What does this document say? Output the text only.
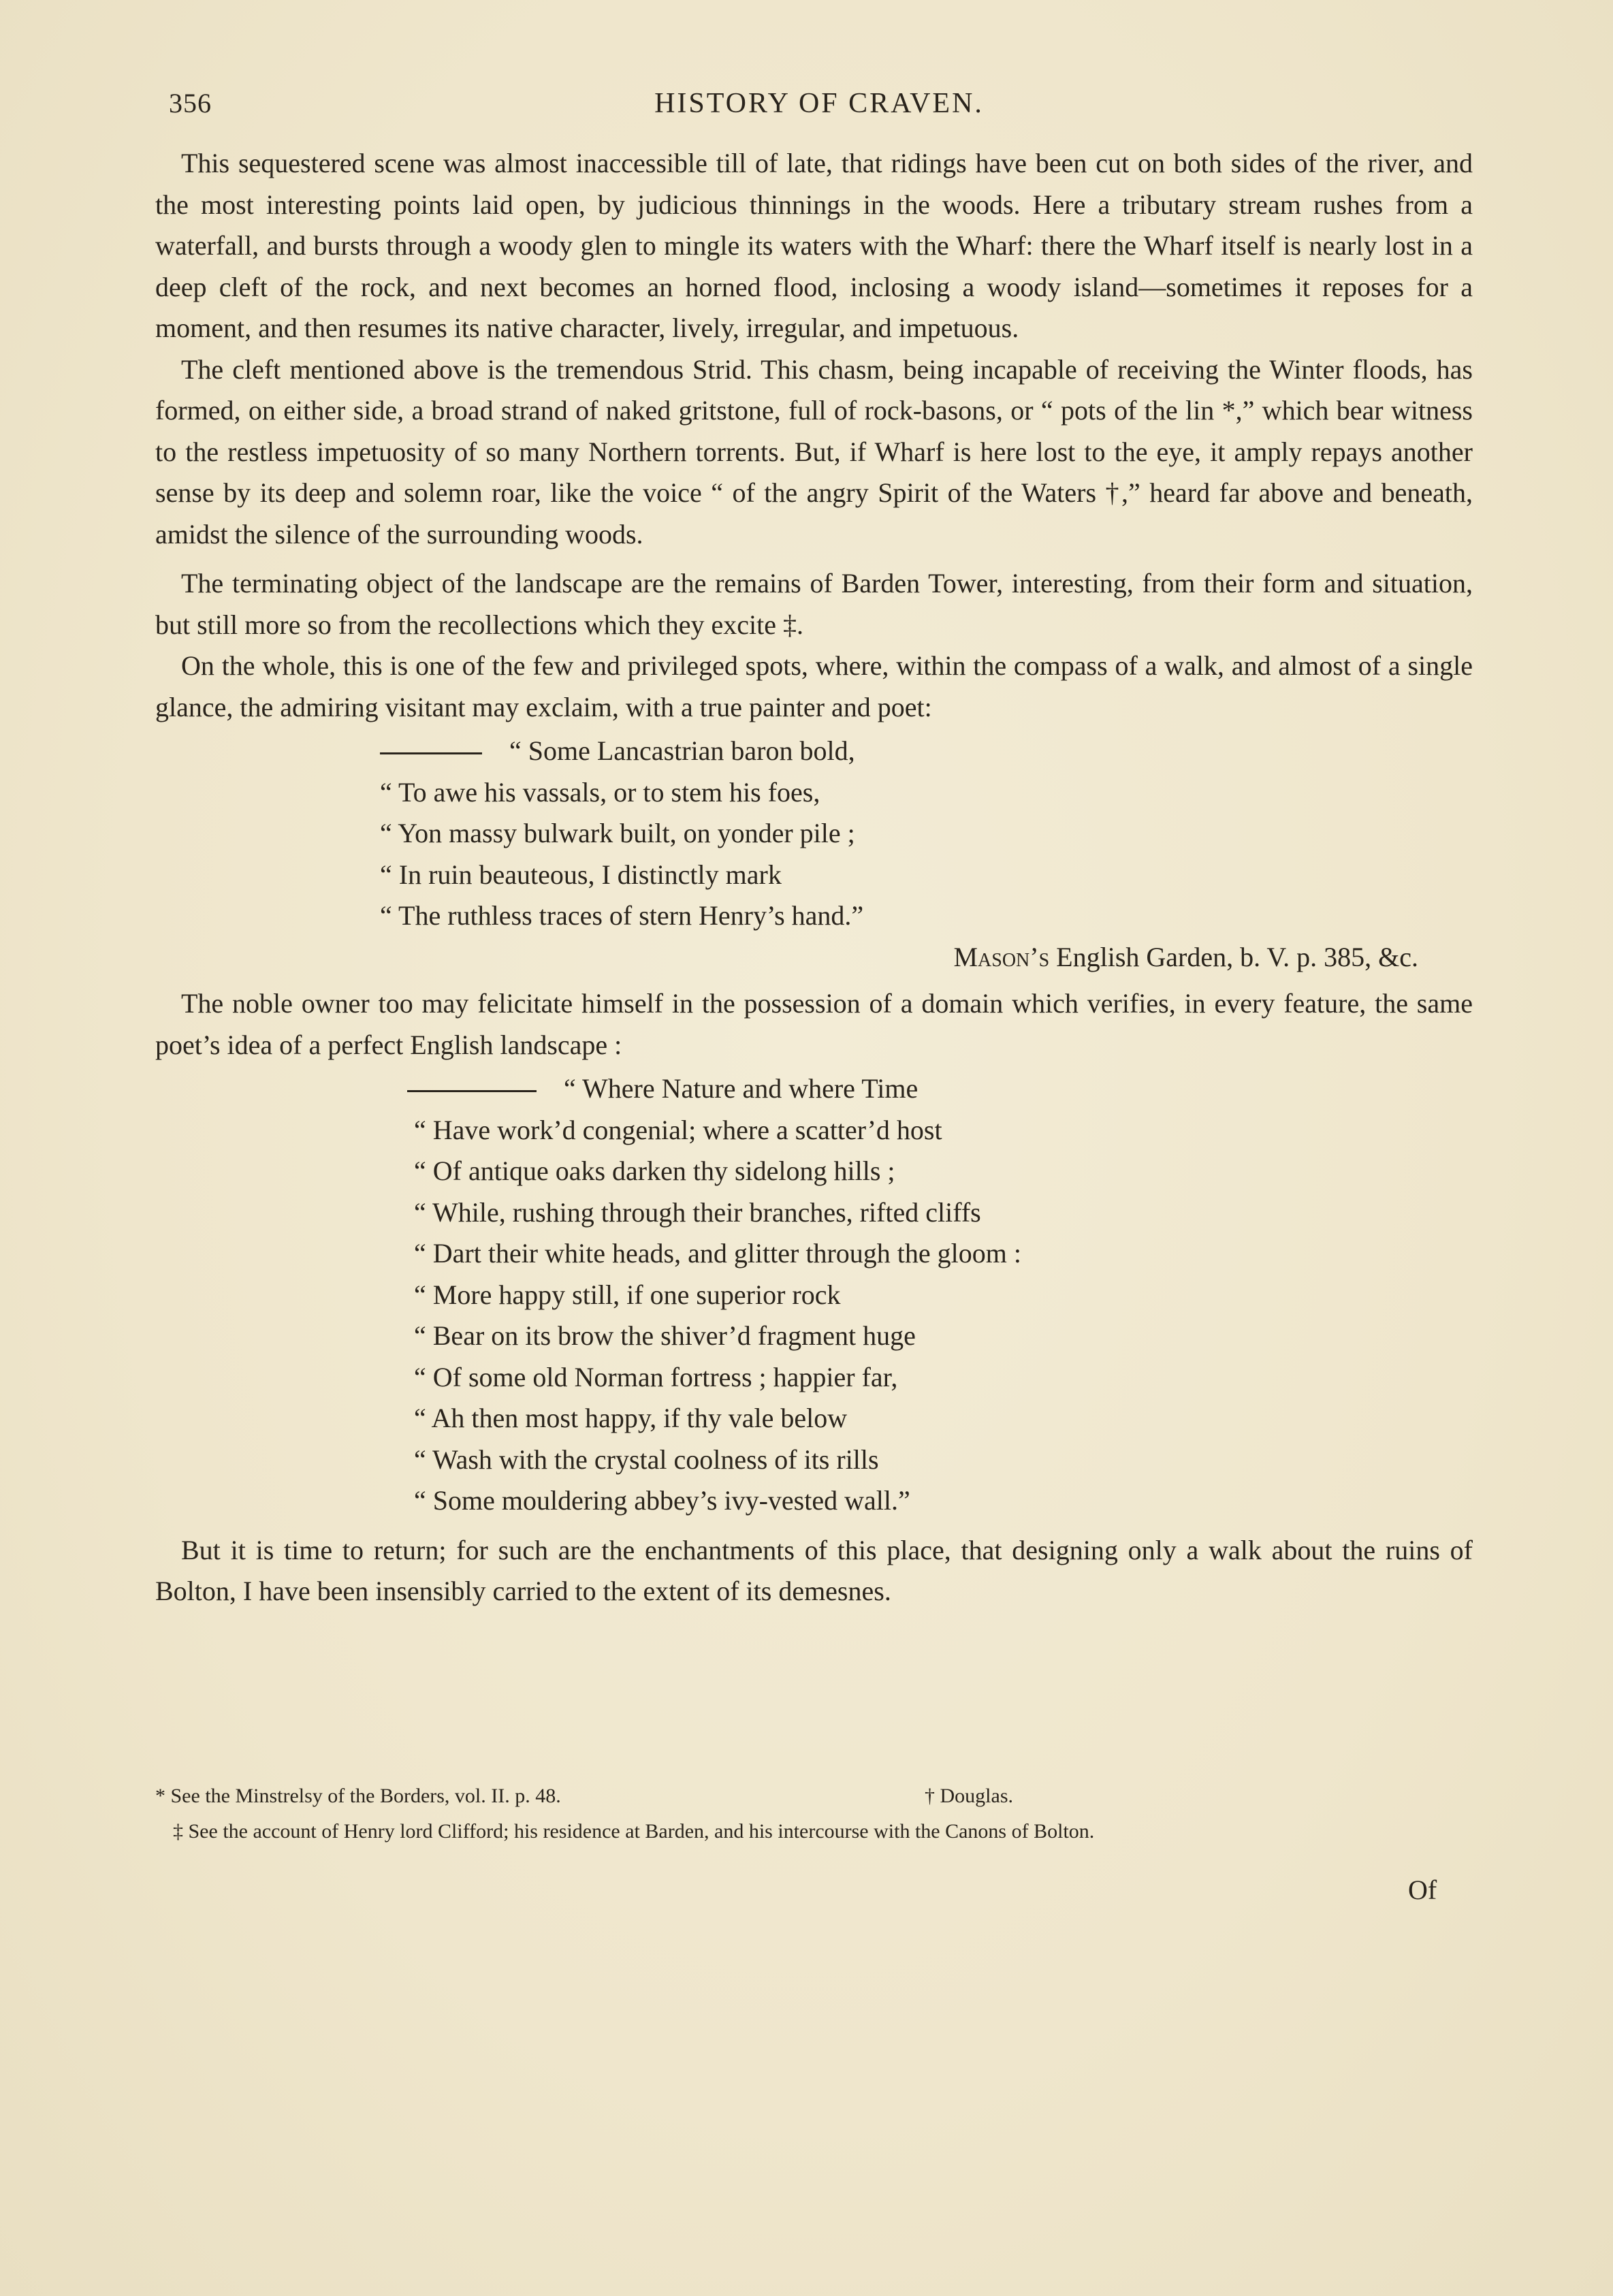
356	HISTORY OF CRAVEN.

This sequestered scene was almost inaccessible till of late, that ridings have been cut on both sides of the river, and the most interesting points laid open, by judicious thinnings in the woods. Here a tributary stream rushes from a waterfall, and bursts through a woody glen to mingle its waters with the Wharf: there the Wharf itself is nearly lost in a deep cleft of the rock, and next becomes an horned flood, inclosing a woody island—sometimes it reposes for a moment, and then resumes its native character, lively, irregular, and impetuous.

The cleft mentioned above is the tremendous Strid. This chasm, being incapable of receiving the Winter floods, has formed, on either side, a broad strand of naked gritstone, full of rock-basons, or “ pots of the lin *,” which bear witness to the restless impetuosity of so many Northern torrents. But, if Wharf is here lost to the eye, it amply repays another sense by its deep and solemn roar, like the voice “ of the angry Spirit of the Waters †,” heard far above and beneath, amidst the silence of the surrounding woods.

The terminating object of the landscape are the remains of Barden Tower, interesting, from their form and situation, but still more so from the recollections which they excite ‡.

On the whole, this is one of the few and privileged spots, where, within the compass of a walk, and almost of a single glance, the admiring visitant may exclaim, with a true painter and poet:

“ Some Lancastrian baron bold,
“ To awe his vassals, or to stem his foes,
“ Yon massy bulwark built, on yonder pile ;
“ In ruin beauteous, I distinctly mark
“ The ruthless traces of stern Henry’s hand.”
Mason’s English Garden, b. V. p. 385, &c.

The noble owner too may felicitate himself in the possession of a domain which verifies, in every feature, the same poet’s idea of a perfect English landscape :

“ Where Nature and where Time
“ Have work’d congenial; where a scatter’d host
“ Of antique oaks darken thy sidelong hills ;
“ While, rushing through their branches, rifted cliffs
“ Dart their white heads, and glitter through the gloom :
“ More happy still, if one superior rock
“ Bear on its brow the shiver’d fragment huge
“ Of some old Norman fortress ; happier far,
“ Ah then most happy, if thy vale below
“ Wash with the crystal coolness of its rills
“ Some mouldering abbey’s ivy-vested wall.”

But it is time to return; for such are the enchantments of this place, that designing only a walk about the ruins of Bolton, I have been insensibly carried to the extent of its demesnes.

* See the Minstrelsy of the Borders, vol. II. p. 48.	† Douglas.
‡ See the account of Henry lord Clifford; his residence at Barden, and his intercourse with the Canons of Bolton.
Of
